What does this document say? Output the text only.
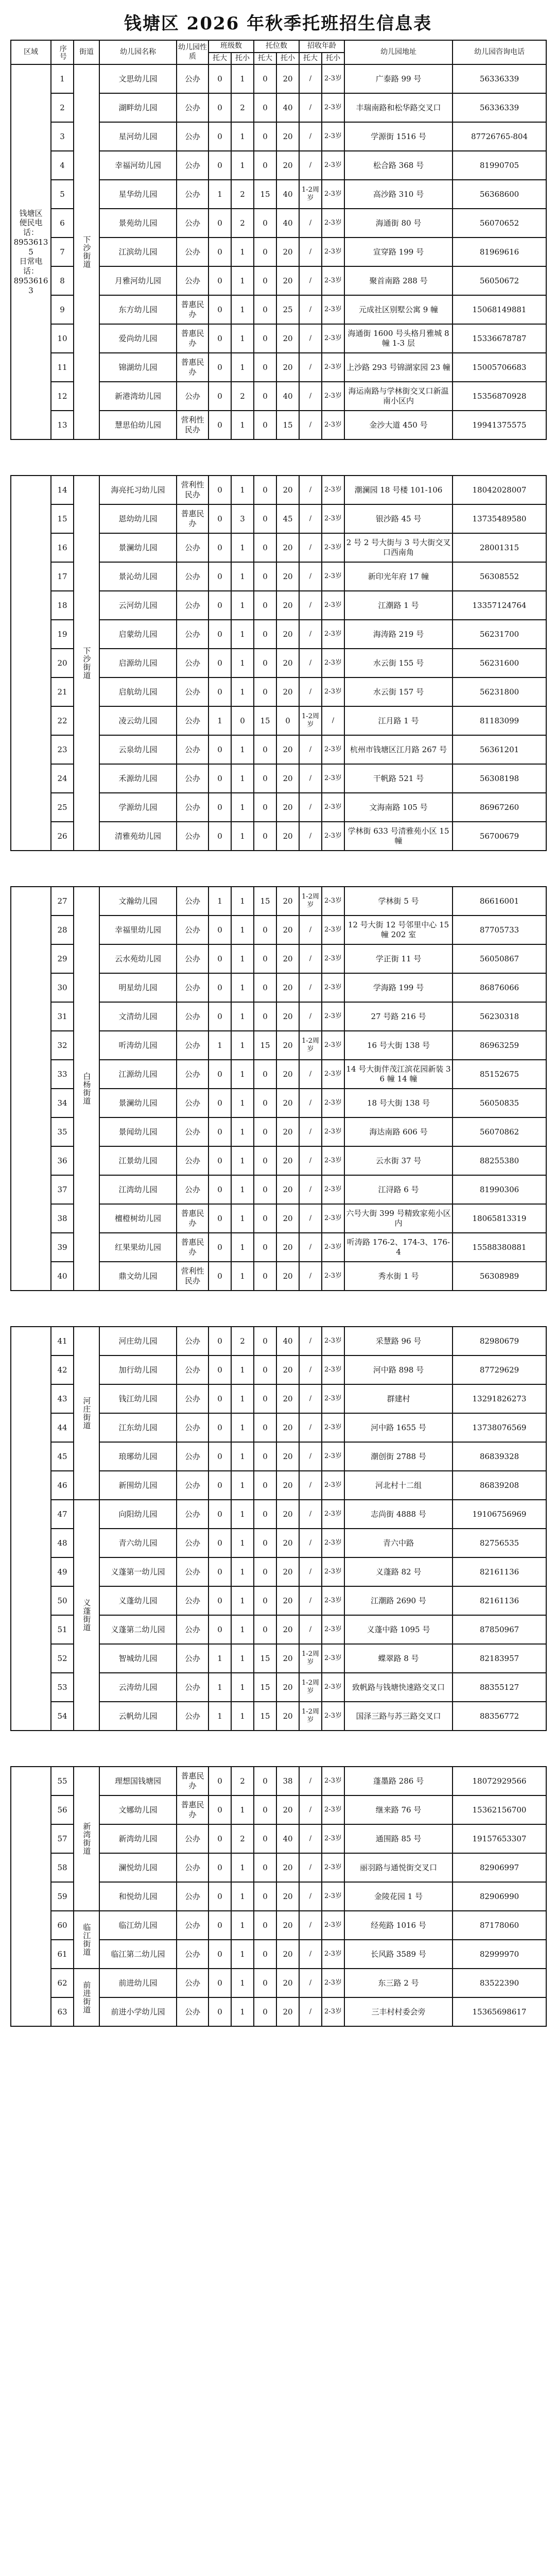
钱塘区 2026 年秋季托班招生信息表
区域	序号	街道	幼儿园名称	幼儿园性质	班级数		托位数		招收年龄		幼儿园地址	幼儿园咨询电话
					托大	托小	托大	托小	托大	托小		

钱塘区
便民电话：
89536135
日常电话：
89536163	1	下沙街道	文思幼儿园	公办	0	1	0	20	/	2-3岁	广泰路 99 号	56336339
	2		湖畔幼儿园	公办	0	2	0	40	/	2-3岁	丰瑞南路和松华路交叉口	56336339
	3		星河幼儿园	公办	0	1	0	20	/	2-3岁	学源街 1516 号	87726765-804
	4		幸福河幼儿园	公办	0	1	0	20	/	2-3岁	松合路 368 号	81990705
	5		星华幼儿园	公办	1	2	15	40	1-2周岁	2-3岁	高沙路 310 号	56368600
	6		景苑幼儿园	公办	0	2	0	40	/	2-3岁	海通街 80 号	56070652
	7		江滨幼儿园	公办	0	1	0	20	/	2-3岁	宣穿路 199 号	81969616
	8		月雅河幼儿园	公办	0	1	0	20	/	2-3岁	聚首南路 288 号	56050672
	9		东方幼儿园	普惠民办	0	1	0	25	/	2-3岁	元成社区别墅公寓 9 幢	15068149881
	10		爱尚幼儿园	普惠民办	0	1	0	20	/	2-3岁	海通街 1600 号头格月雅城 8 幢 1-3 层	15336678787
	11		锦湖幼儿园	普惠民办	0	1	0	20	/	2-3岁	上沙路 293 号锦湖家园 23 幢	15005706683
	12		新港湾幼儿园	公办	0	2	0	40	/	2-3岁	海运南路与学林街交叉口新温南小区内	15356870928
	13		慧思伯幼儿园	营利性民办	0	1	0	15	/	2-3岁	金沙大道 450 号	19941375575

	14	下沙街道	海亮托习幼儿园	营利性民办	0	1	0	20	/	2-3岁	潮澜园 18 号楼 101-106	18042028007
	15		恩幼幼儿园	普惠民办	0	3	0	45	/	2-3岁	银沙路 45 号	13735489580
	16		景澜幼儿园	公办	0	1	0	20	/	2-3岁	2 号 2 号大街与 3 号大街交叉口西南角	28001315
	17		景沁幼儿园	公办	0	1	0	20	/	2-3岁	新印光年府 17 幢	56308552
	18		云河幼儿园	公办	0	1	0	20	/	2-3岁	江潮路 1 号	13357124764
	19		启蒙幼儿园	公办	0	1	0	20	/	2-3岁	海涛路 219 号	56231700
	20		启源幼儿园	公办	0	1	0	20	/	2-3岁	水云街 155 号	56231600
	21		启航幼儿园	公办	0	1	0	20	/	2-3岁	水云街 157 号	56231800
	22		凌云幼儿园	公办	1	0	15	0	1-2周岁	/	江月路 1 号	81183099
	23		云泉幼儿园	公办	0	1	0	20	/	2-3岁	杭州市钱塘区江月路 267 号	56361201
	24		禾源幼儿园	公办	0	1	0	20	/	2-3岁	干帆路 521 号	56308198
	25		学源幼儿园	公办	0	1	0	20	/	2-3岁	文海南路 105 号	86967260
	26		清雅苑幼儿园	公办	0	1	0	20	/	2-3岁	学林街 633 号清雅苑小区 15 幢	56700679

	27	白杨街道	文瀚幼儿园	公办	1	1	15	20	1-2周岁	2-3岁	学林街 5 号	86616001
	28		幸福里幼儿园	公办	0	1	0	20	/	2-3岁	12 号大街 12 号邻里中心 15 幢 202 室	87705733
	29		云水苑幼儿园	公办	0	1	0	20	/	2-3岁	学正街 11 号	56050867
	30		明星幼儿园	公办	0	1	0	20	/	2-3岁	学海路 199 号	86876066
	31		文清幼儿园	公办	0	1	0	20	/	2-3岁	27 号路 216 号	56230318
	32		听涛幼儿园	公办	1	1	15	20	1-2周岁	2-3岁	16 号大街 138 号	86963259
	33		江源幼儿园	公办	0	1	0	20	/	2-3岁	14 号大街伴茂江滨花园新装 36 幢 14 幢	85152675
	34		景澜幼儿园	公办	0	1	0	20	/	2-3岁	18 号大街 138 号	56050835
	35		景闻幼儿园	公办	0	1	0	20	/	2-3岁	海达南路 606 号	56070862
	36		江景幼儿园	公办	0	1	0	20	/	2-3岁	云水街 37 号	88255380
	37		江湾幼儿园	公办	0	1	0	20	/	2-3岁	江浔路 6 号	81990306
	38		檀橙树幼儿园	普惠民办	0	1	0	20	/	2-3岁	六号大街 399 号精致家苑小区内	18065813319
	39		红果果幼儿园	普惠民办	0	1	0	20	/	2-3岁	听涛路 176-2、174-3、176-4	15588380881
	40		鼎文幼儿园	营利性民办	0	1	0	20	/	2-3岁	秀水街 1 号	56308989

	41	河庄街道	河庄幼儿园	公办	0	2	0	40	/	2-3岁	采慧路 96 号	82980679
	42		加行幼儿园	公办	0	1	0	20	/	2-3岁	河中路 898 号	87729629
	43		钱江幼儿园	公办	0	1	0	20	/	2-3岁	群建村	13291826273
	44		江东幼儿园	公办	0	1	0	20	/	2-3岁	河中路 1655 号	13738076569
	45		琅琊幼儿园	公办	0	1	0	20	/	2-3岁	潮创街 2788 号	86839328
	46		新围幼儿园	公办	0	1	0	20	/	2-3岁	河北村十二组	86839208
	47	义蓬街道	向阳幼儿园	公办	0	1	0	20	/	2-3岁	志尚街 4888 号	19106756969
	48		青六幼儿园	公办	0	1	0	20	/	2-3岁	青六中路	82756535
	49		义蓬第一幼儿园	公办	0	1	0	20	/	2-3岁	义蓬路 82 号	82161136
	50		义蓬幼儿园	公办	0	1	0	20	/	2-3岁	江潮路 2690 号	82161136
	51		义蓬第二幼儿园	公办	0	1	0	20	/	2-3岁	义蓬中路 1095 号	87850967
	52		智城幼儿园	公办	1	1	15	20	1-2周岁	2-3岁	蝶翠路 8 号	82183957
	53		云涛幼儿园	公办	1	1	15	20	1-2周岁	2-3岁	致帆路与钱塘快速路交叉口	88355127
	54		云帆幼儿园	公办	1	1	15	20	1-2周岁	2-3岁	国泽三路与苏三路交叉口	88356772

	55	新湾街道	理想国钱塘园	普惠民办	0	2	0	38	/	2-3岁	蓬墨路 286 号	18072929566
	56		文娜幼儿园	普惠民办	0	1	0	20	/	2-3岁	继来路 76 号	15362156700
	57		新湾幼儿园	公办	0	2	0	40	/	2-3岁	通围路 85 号	19157653307
	58		澜悦幼儿园	公办	0	1	0	20	/	2-3岁	丽羽路与通悦街交叉口	82906997
	59		和悦幼儿园	公办	0	1	0	20	/	2-3岁	金陵花园 1 号	82906990
	60	临江街道	临江幼儿园	公办	0	1	0	20	/	2-3岁	经苑路 1016 号	87178060
	61		临江第二幼儿园	公办	0	1	0	20	/	2-3岁	长风路 3589 号	82999970
	62	前进街道	前进幼儿园	公办	0	1	0	20	/	2-3岁	东三路 2 号	83522390
	63		前进小学幼儿园	公办	0	1	0	20	/	2-3岁	三丰村村委会旁	15365698617
